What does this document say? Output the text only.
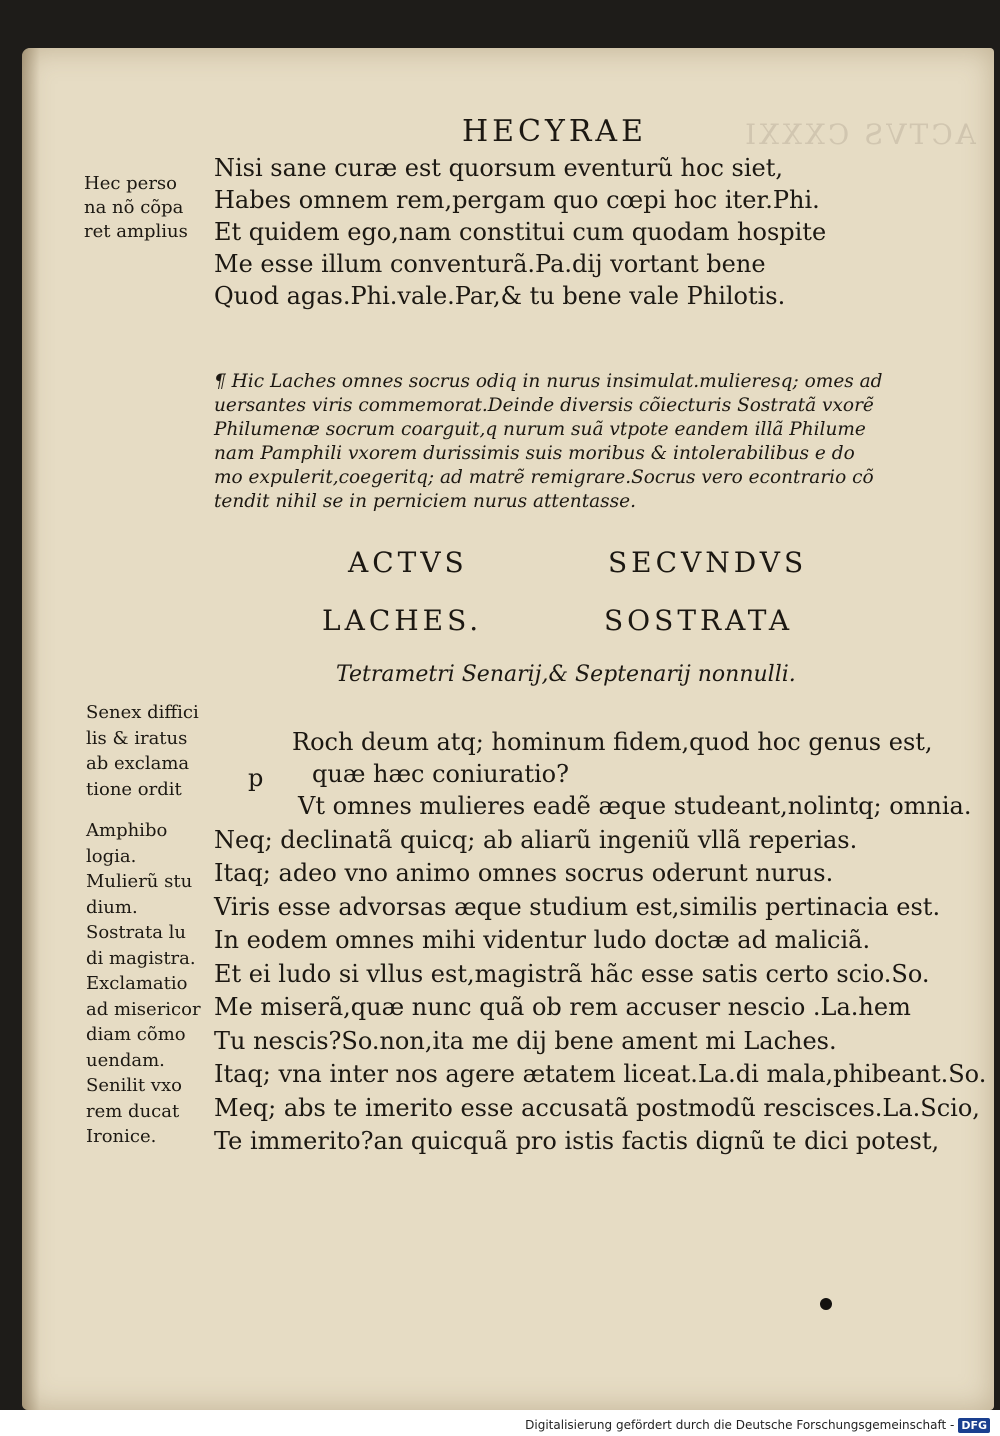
ACTVS CXXXI
HECYRAE
Hec perso
na nõ cõpa
ret amplius
Nisi sane curæ est quorsum eventurũ hoc siet,
Habes omnem rem,pergam quo cœpi hoc iter.Phi.
Et quidem ego,nam constitui cum quodam hospite
Me esse illum conventurã.Pa.dij vortant bene
Quod agas.Phi.vale.Par,& tu bene vale Philotis.
¶ Hic Laches omnes socrus odiq in nurus insimulat.mulieresq; omes ad
uersantes viris commemorat.Deinde diversis cõiecturis Sostratã vxorẽ
Philumenæ socrum coarguit,q nurum suã vtpote eandem illã Philume
nam Pamphili vxorem durissimis suis moribus & intolerabilibus e do
mo expulerit,coegeritq; ad matrẽ remigrare.Socrus vero econtrario cõ
tendit nihil se in perniciem nurus attentasse.
ACTVS	SECVNDVS
LACHES.	SOSTRATA
Tetrametri Senarij,& Septenarij nonnulli.
Senex diffici
lis & iratus
ab exclama
tione ordit
Amphibo
logia.
Mulierũ stu
dium.
Sostrata lu
di magistra.
Exclamatio
ad misericor
diam cõmo
uendam.
Senilit vxo
rem ducat
Ironice.
p
Roch deum atq; hominum fidem,quod hoc genus est,
quæ hæc coniuratio?
Vt omnes mulieres eadẽ æque studeant,nolintq; omnia.
Neq; declinatã quicq; ab aliarũ ingeniũ vllã reperias.
Itaq; adeo vno animo omnes socrus oderunt nurus.
Viris esse advorsas æque studium est,similis pertinacia est.
In eodem omnes mihi videntur ludo doctæ ad maliciã.
Et ei ludo si vllus est,magistrã hãc esse satis certo scio.So.
Me miserã,quæ nunc quã ob rem accuser nescio .La.hem
Tu nescis?So.non,ita me dij bene ament mi Laches.
Itaq; vna inter nos agere ætatem liceat.La.di mala,phibeant.So.
Meq; abs te imerito esse accusatã postmodũ rescisces.La.Scio,
Te immerito?an quicquã pro istis factis dignũ te dici potest,
Digitalisierung gefördert durch die Deutsche Forschungsgemeinschaft - DFG
